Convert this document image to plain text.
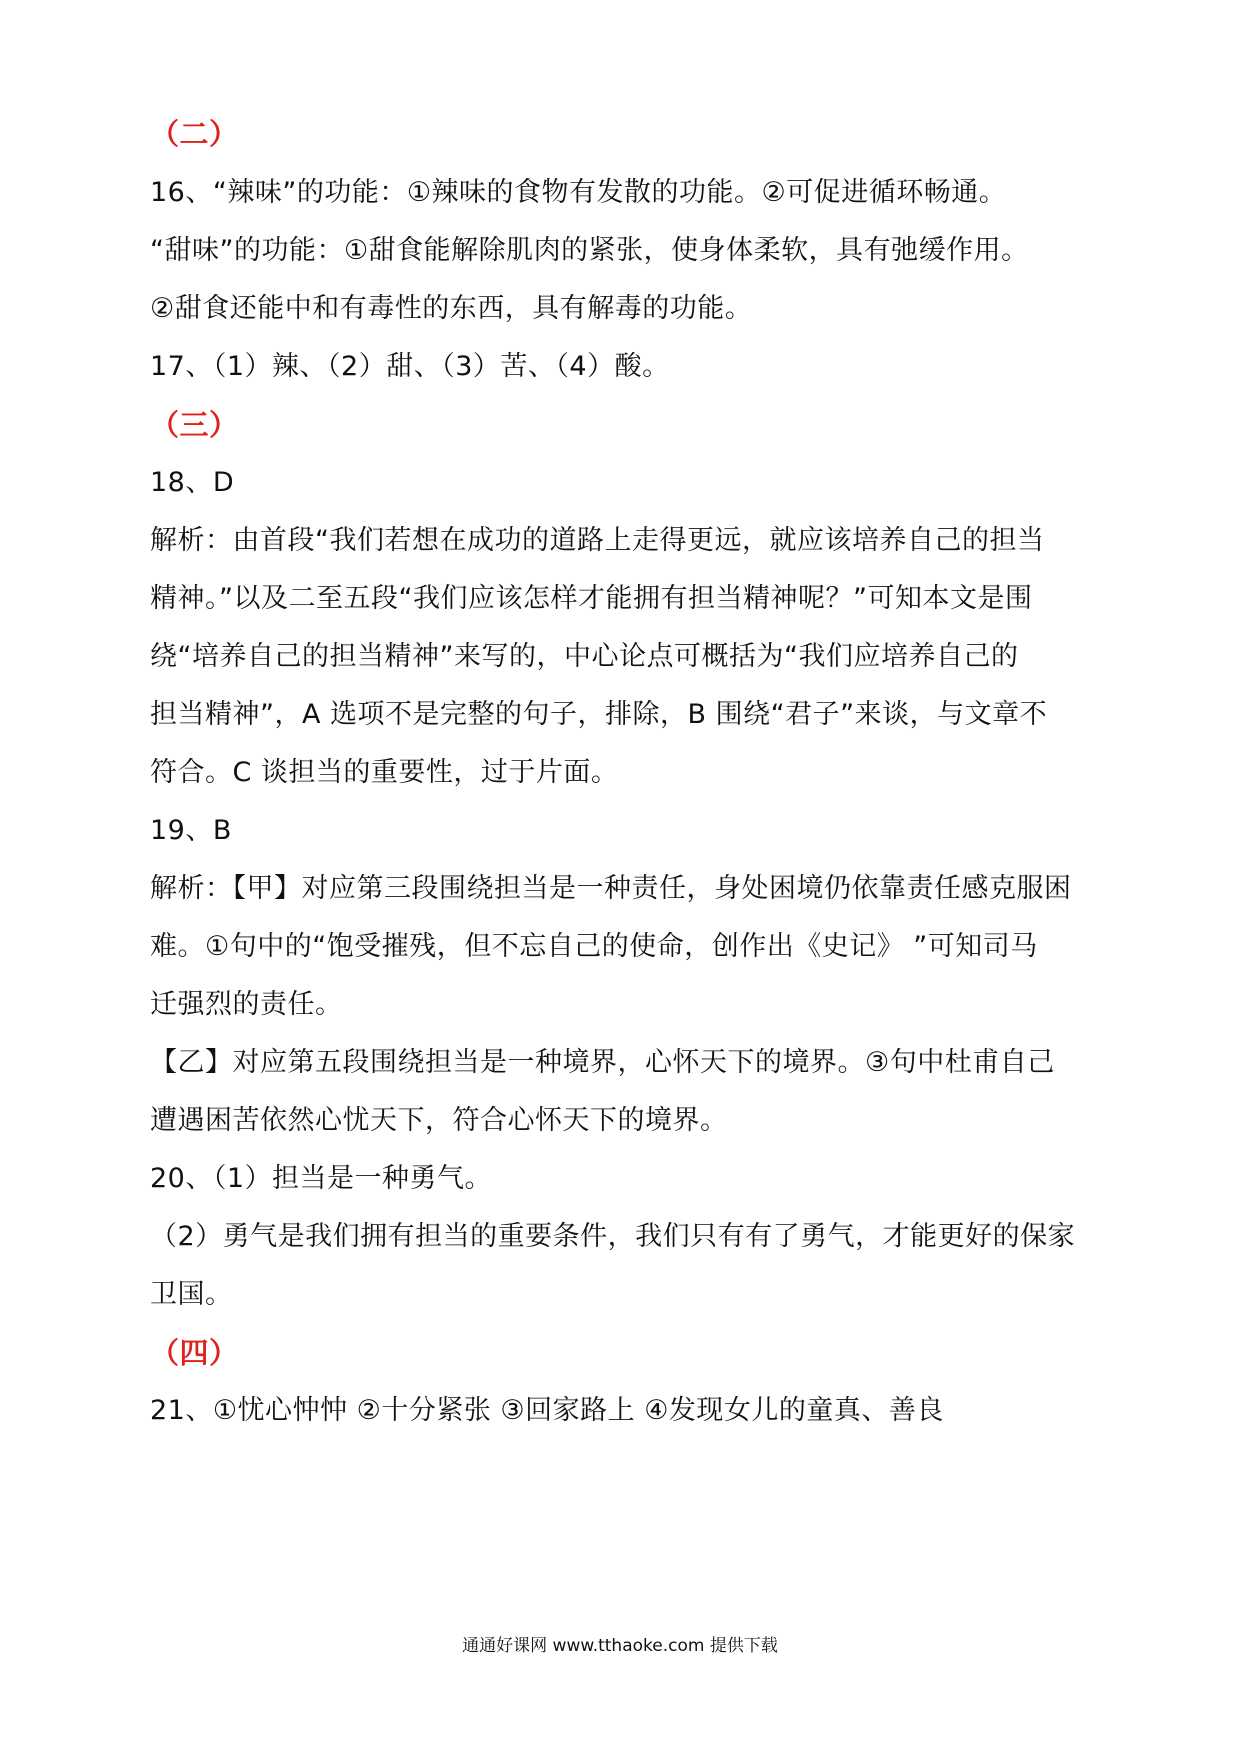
（二）
16、“辣味”的功能：①辣味的食物有发散的功能。②可促进循环畅通。
“甜味”的功能：①甜食能解除肌肉的紧张，使身体柔软，具有弛缓作用。
②甜食还能中和有毒性的东西，具有解毒的功能。
17、（1）辣、（2）甜、（3）苦、（4）酸。
（三）
18、D
解析：由首段“我们若想在成功的道路上走得更远，就应该培养自己的担当
精神。”以及二至五段“我们应该怎样才能拥有担当精神呢？”可知本文是围
绕“培养自己的担当精神”来写的，中心论点可概括为“我们应培养自己的
担当精神”，A 选项不是完整的句子，排除，B 围绕“君子”来谈，与文章不
符合。C 谈担当的重要性，过于片面。
19、B
解析：【甲】对应第三段围绕担当是一种责任，身处困境仍依靠责任感克服困
难。①句中的“饱受摧残，但不忘自己的使命，创作出《史记》 ”可知司马
迁强烈的责任。
【乙】对应第五段围绕担当是一种境界，心怀天下的境界。③句中杜甫自己
遭遇困苦依然心忧天下，符合心怀天下的境界。
20、（1）担当是一种勇气。
（2）勇气是我们拥有担当的重要条件，我们只有有了勇气，才能更好的保家
卫国。
（四）
21、①忧心忡忡 ②十分紧张 ③回家路上 ④发现女儿的童真、善良
通通好课网 www.tthaoke.com 提供下载
